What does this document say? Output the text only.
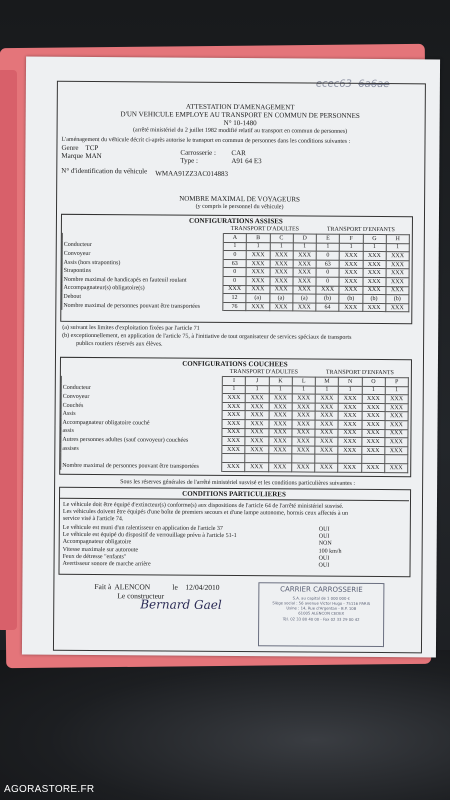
ecec63 6a6ae
ATTESTATION D'AMENAGEMENT
D'UN VEHICULE EMPLOYE AU TRANSPORT EN COMMUN DE PERSONNES
N° 10-1480
(arrêté ministériel du 2 juillet 1982 modifié relatif au transport en commun de personnes)
L'aménagement du véhicule décrit ci-après autorise le transport en commun de personnes dans les conditions suivantes :
Genre TCP
Marque MAN	Carrosserie : CAR
Type :	A91 64 E3
N° d'identification du véhicule WMAA91ZZ3AC014883
NOMBRE MAXIMAL DE VOYAGEURS
(y compris le personnel du véhicule)
CONFIGURATIONS ASSISES
TRANSPORT D'ADULTES	TRANSPORT D'ENFANTS
	A	B	C	D	E	F	G	H
Conducteur	1	1	1	1	1	1	1	1
Convoyeur	0	XXX	XXX	XXX	0	XXX	XXX	XXX
Assis (hors strapontins)	63	XXX	XXX	XXX	63	XXX	XXX	XXX
Strapontins	0	XXX	XXX	XXX	0	XXX	XXX	XXX
Nombre maximal de handicapés en fauteuil roulant	0	XXX	XXX	XXX	0	XXX	XXX	XXX
Accompagnateur(s) obligatoire(s)	XXX	XXX	XXX	XXX	XXX	XXX	XXX	XXX
Debout	12	(a)	(a)	(a)	(b)	(b)	(b)	(b)
Nombre maximal de personnes pouvant être transportées	76	XXX	XXX	XXX	64	XXX	XXX	XXX
(a) suivant les limites d'exploitation fixées par l'article 71
(b) exceptionnellement, en application de l'article 75, à l'initiative de tout organisateur de services spéciaux de transports
publics routiers réservés aux élèves.
CONFIGURATIONS COUCHEES
TRANSPORT D'ADULTES	TRANSPORT D'ENFANTS
	I	J	K	L	M	N	O	P
Conducteur	1	1	1	1	1	1	1	1
Convoyeur	XXX	XXX	XXX	XXX	XXX	XXX	XXX	XXX
Couchés	XXX	XXX	XXX	XXX	XXX	XXX	XXX	XXX
Assis	XXX	XXX	XXX	XXX	XXX	XXX	XXX	XXX
Accompagnateur obligatoire couché	XXX	XXX	XXX	XXX	XXX	XXX	XXX	XXX
assis	XXX	XXX	XXX	XXX	XXX	XXX	XXX	XXX
Autres personnes adultes (sauf convoyeur) couchées	XXX	XXX	XXX	XXX	XXX	XXX	XXX	XXX
assises	XXX	XXX	XXX	XXX	XXX	XXX	XXX	XXX

Nombre maximal de personnes pouvant être transportées	XXX	XXX	XXX	XXX	XXX	XXX	XXX	XXX
Sous les réserves générales de l'arrêté ministériel susvisé et les conditions particulières suivantes :
CONDITIONS PARTICULIERES
Le véhicule doit être équipé d'extincteur(s) conforme(s) aux dispositions de l'article 64 de l'arrêté ministériel susvisé.
Les véhicules doivent être équipés d'une boîte de premiers secours et d'une lampe autonome, hormis ceux affectés à un
service visé à l'article 74.
Le véhicule est muni d'un ralentisseur en application de l'article 37	OUI
Le véhicule est équipé du dispositif de verrouillage prévu à l'article 51-1	OUI
Accompagnateur obligatoire	NON
Vitesse maximale sur autoroute	100 km/h
Feux de détresse "enfants"	OUI
Avertisseur sonore de marche arrière	OUI
Fait à ALENCON	le 12/04/2010
Le constructeur
Bernard Gael
CARRIER CARROSSERIE
S.A. au capital de 1 000 000 €
Siège social : 56 avenue Victor Hugo - 75116 PARIS
Usine : 14, Rue d'Argentan - B.P. 108
61005 ALENCON CEDEX
Tél. 02 33 80 40 00 - Fax 02 33 29 00 42
AGORASTORE.FR
